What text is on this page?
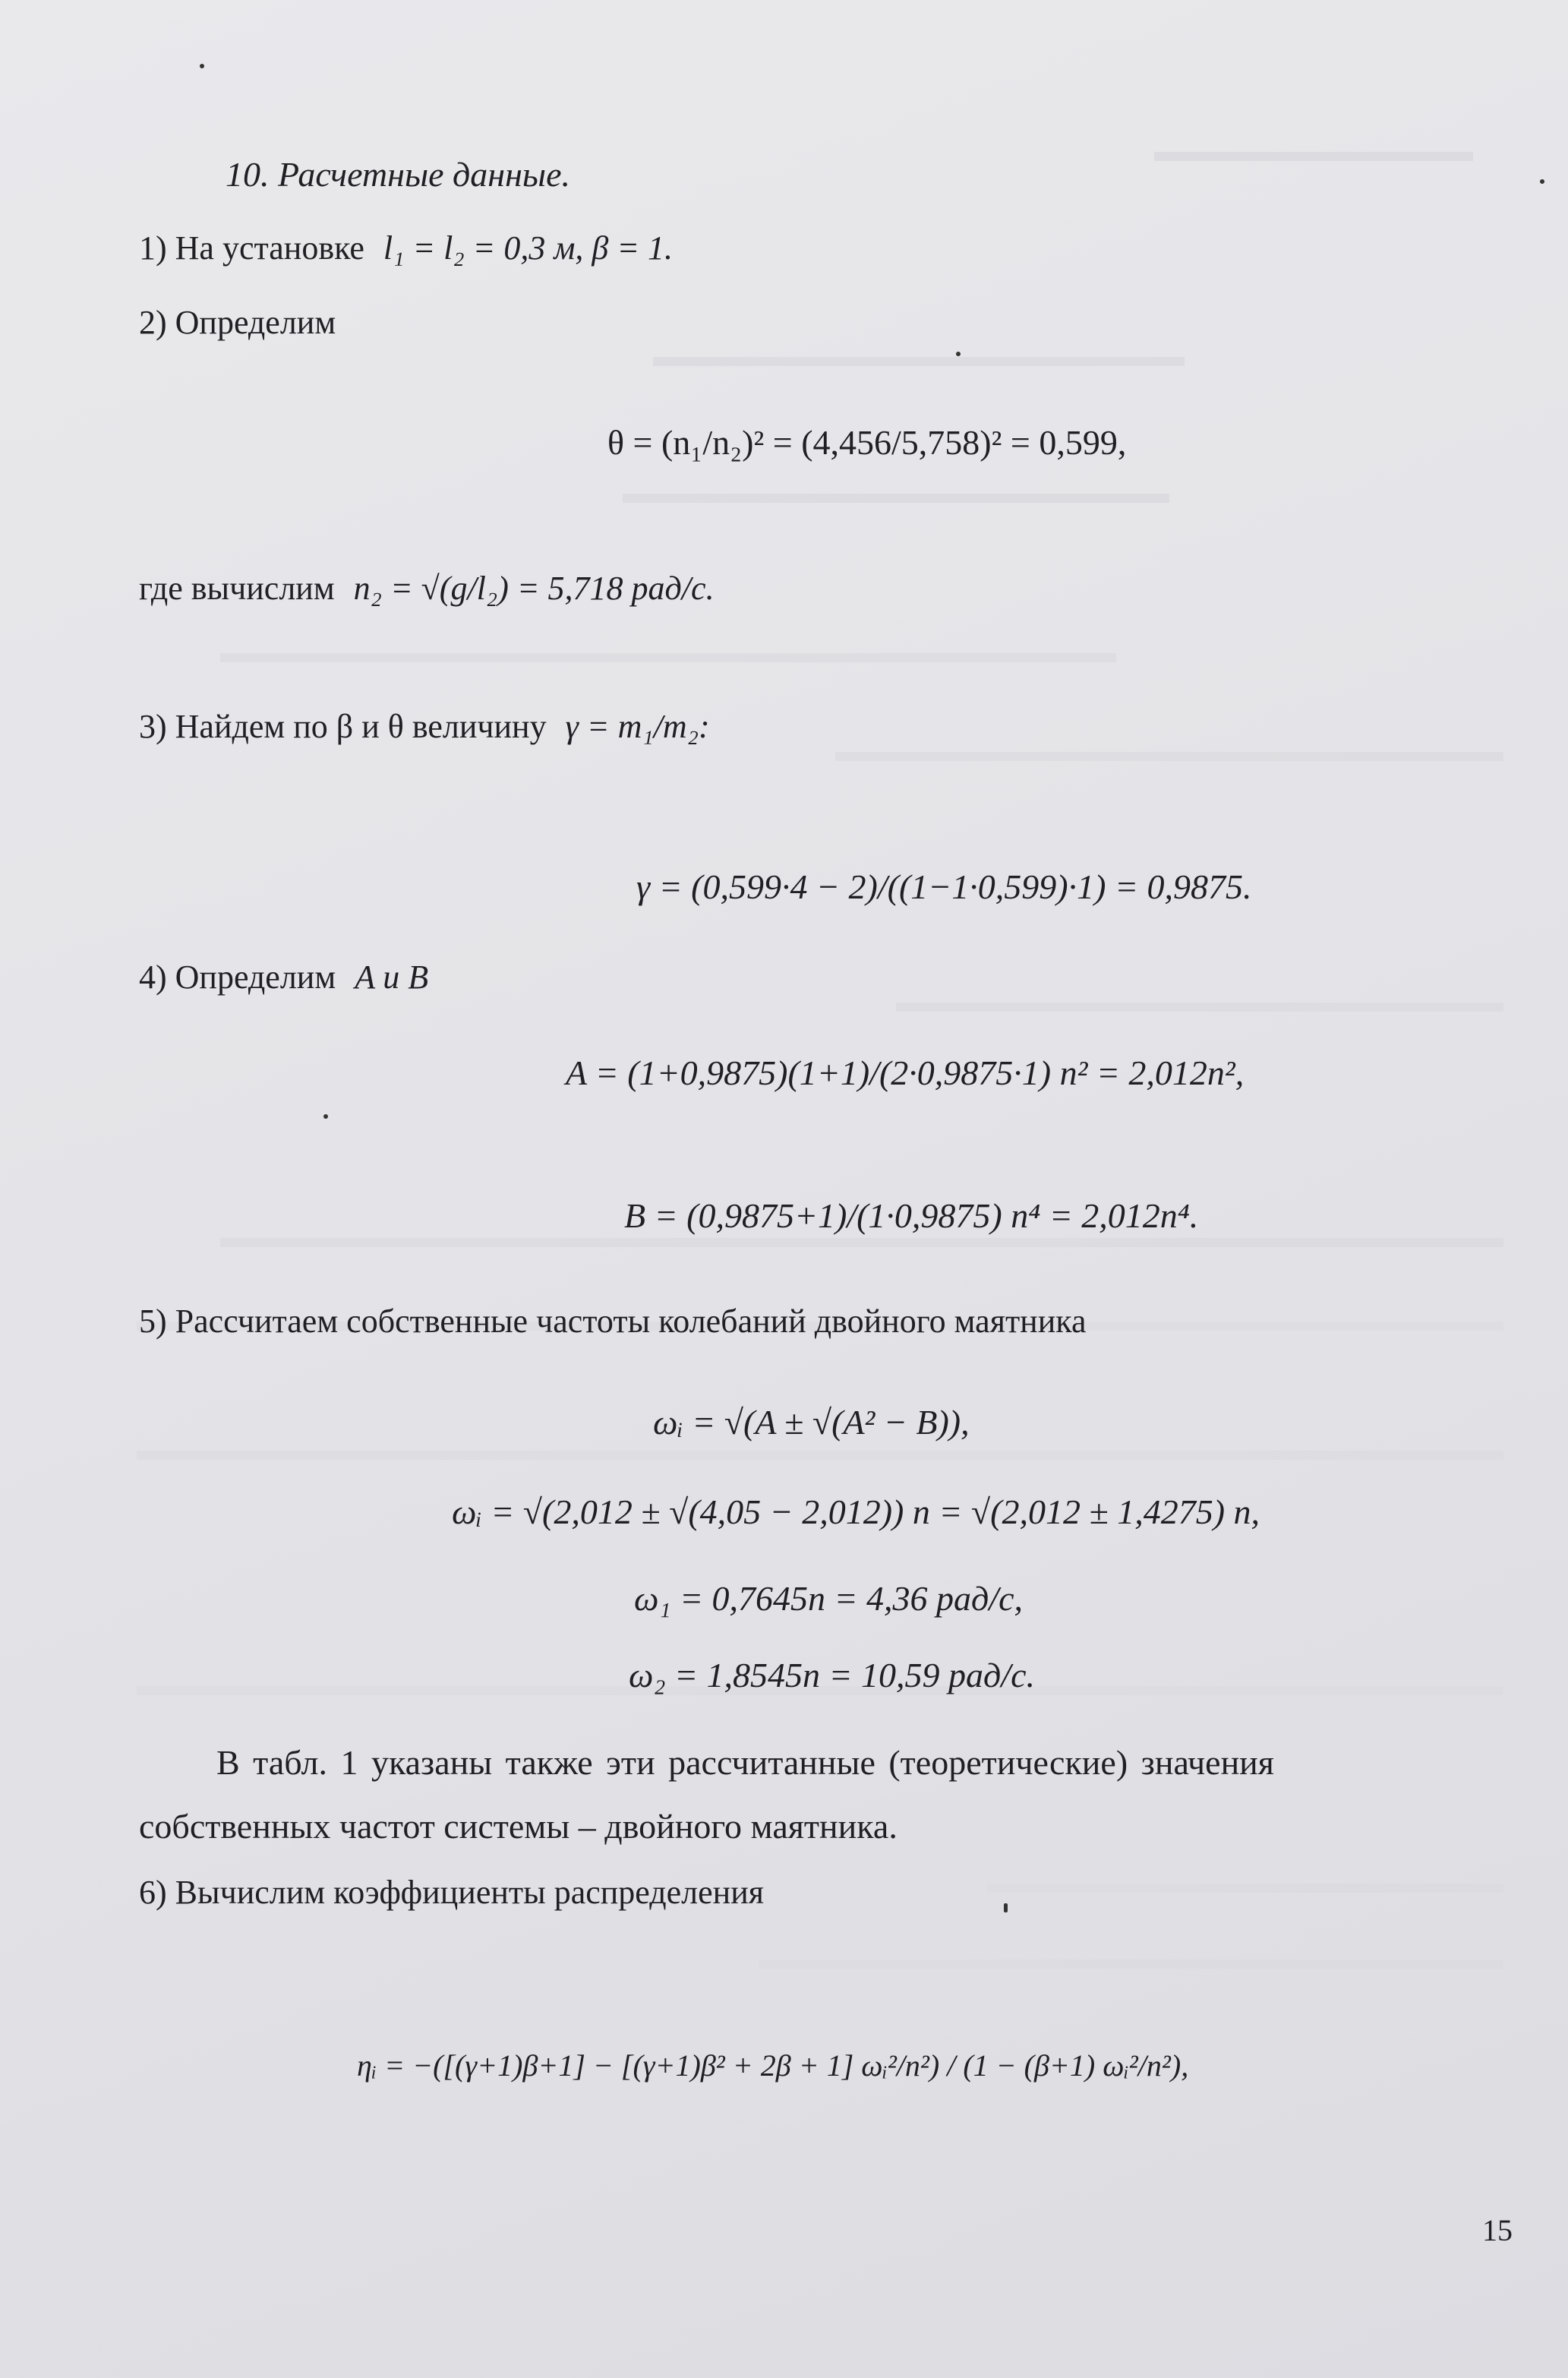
10. Расчетные данные.
1) На установке l₁ = l₂ = 0,3 м, β = 1.
2) Определим
θ = (n₁/n₂)² = (4,456/5,758)² = 0,599,
где вычислим n₂ = √(g/l₂) = 5,718 рад/с.
3) Найдем по β и θ величину γ = m₁/m₂:
γ = (0,599·4 − 2)/((1−1·0,599)·1) = 0,9875.
4) Определим A и B
A = (1+0,9875)(1+1)/(2·0,9875·1) n² = 2,012n²,
B = (0,9875+1)/(1·0,9875) n⁴ = 2,012n⁴.
5) Рассчитаем собственные частоты колебаний двойного маятника
ωᵢ = √(A ± √(A² − B)),
ωᵢ = √(2,012 ± √(4,05 − 2,012)) n = √(2,012 ± 1,4275) n,
ω₁ = 0,7645n = 4,36 рад/с,
ω₂ = 1,8545n = 10,59 рад/с.
В табл. 1 указаны также эти рассчитанные (теоретические) значения
собственных частот системы – двойного маятника.
6) Вычислим коэффициенты распределения
ηᵢ = −([(γ+1)β+1] − [(γ+1)β² + 2β + 1] ωᵢ²/n²) / (1 − (β+1) ωᵢ²/n²),
15
